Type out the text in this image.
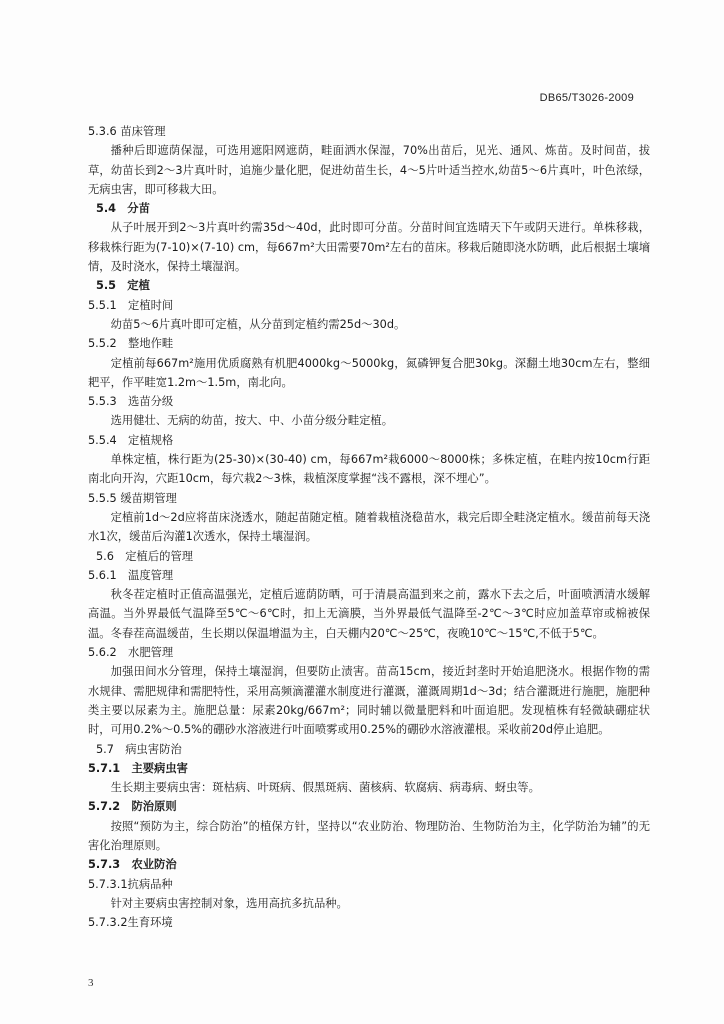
DB65/T3026-2009

5.3.6 苗床管理

播种后即遮荫保湿，可选用遮阳网遮荫，畦面洒水保湿，70%出苗后，见光、通风、炼苗。及时间苗，拔草，幼苗长到2～3片真叶时，追施少量化肥，促进幼苗生长，4～5片叶适当控水,幼苗5～6片真叶，叶色浓绿，无病虫害，即可移栽大田。

5.4　分苗

从子叶展开到2～3片真叶约需35d～40d，此时即可分苗。分苗时间宜选晴天下午或阴天进行。单株移栽，移栽株行距为(7-10)×(7-10) cm，每667m²大田需要70m²左右的苗床。移栽后随即浇水防晒，此后根据土壤墒情，及时浇水，保持土壤湿润。

5.5　定植

5.5.1　定植时间

幼苗5～6片真叶即可定植，从分苗到定植约需25d～30d。

5.5.2　整地作畦

定植前每667m²施用优质腐熟有机肥4000kg～5000kg，氮磷钾复合肥30kg。深翻土地30cm左右，整细耙平，作平畦宽1.2m～1.5m，南北向。

5.5.3　选苗分级

选用健壮、无病的幼苗，按大、中、小苗分级分畦定植。

5.5.4　定植规格

单株定植，株行距为(25-30)×(30-40) cm，每667m²栽6000～8000株；多株定植，在畦内按10cm行距南北向开沟，穴距10cm，每穴栽2～3株，栽植深度掌握“浅不露根，深不埋心”。

5.5.5 缓苗期管理

定植前1d～2d应将苗床浇透水，随起苗随定植。随着栽植浇稳苗水，栽完后即全畦浇定植水。缓苗前每天浇水1次，缓苗后沟灌1次透水，保持土壤湿润。

5.6　定植后的管理

5.6.1　温度管理

秋冬茬定植时正值高温强光，定植后遮荫防晒，可于清晨高温到来之前，露水下去之后，叶面喷洒清水缓解高温。当外界最低气温降至5℃～6℃时，扣上无滴膜，当外界最低气温降至-2℃～3℃时应加盖草帘或棉被保温。冬春茬高温缓苗，生长期以保温增温为主，白天棚内20℃～25℃，夜晚10℃～15℃,不低于5℃。

5.6.2　水肥管理

加强田间水分管理，保持土壤湿润，但要防止渍害。苗高15cm，接近封垄时开始追肥浇水。根据作物的需水规律、需肥规律和需肥特性，采用高频滴灌灌水制度进行灌溉，灌溉周期1d～3d；结合灌溉进行施肥，施肥种类主要以尿素为主。施肥总量：尿素20kg/667m²；同时辅以微量肥料和叶面追肥。发现植株有轻微缺硼症状时，可用0.2%～0.5%的硼砂水溶液进行叶面喷雾或用0.25%的硼砂水溶液灌根。采收前20d停止追肥。

5.7　病虫害防治

5.7.1　主要病虫害

生长期主要病虫害：斑枯病、叶斑病、假黑斑病、菌核病、软腐病、病毒病、蚜虫等。

5.7.2　防治原则

按照“预防为主，综合防治”的植保方针，坚持以“农业防治、物理防治、生物防治为主，化学防治为辅”的无害化治理原则。

5.7.3　农业防治

5.7.3.1抗病品种

针对主要病虫害控制对象，选用高抗多抗品种。

5.7.3.2生育环境

3
